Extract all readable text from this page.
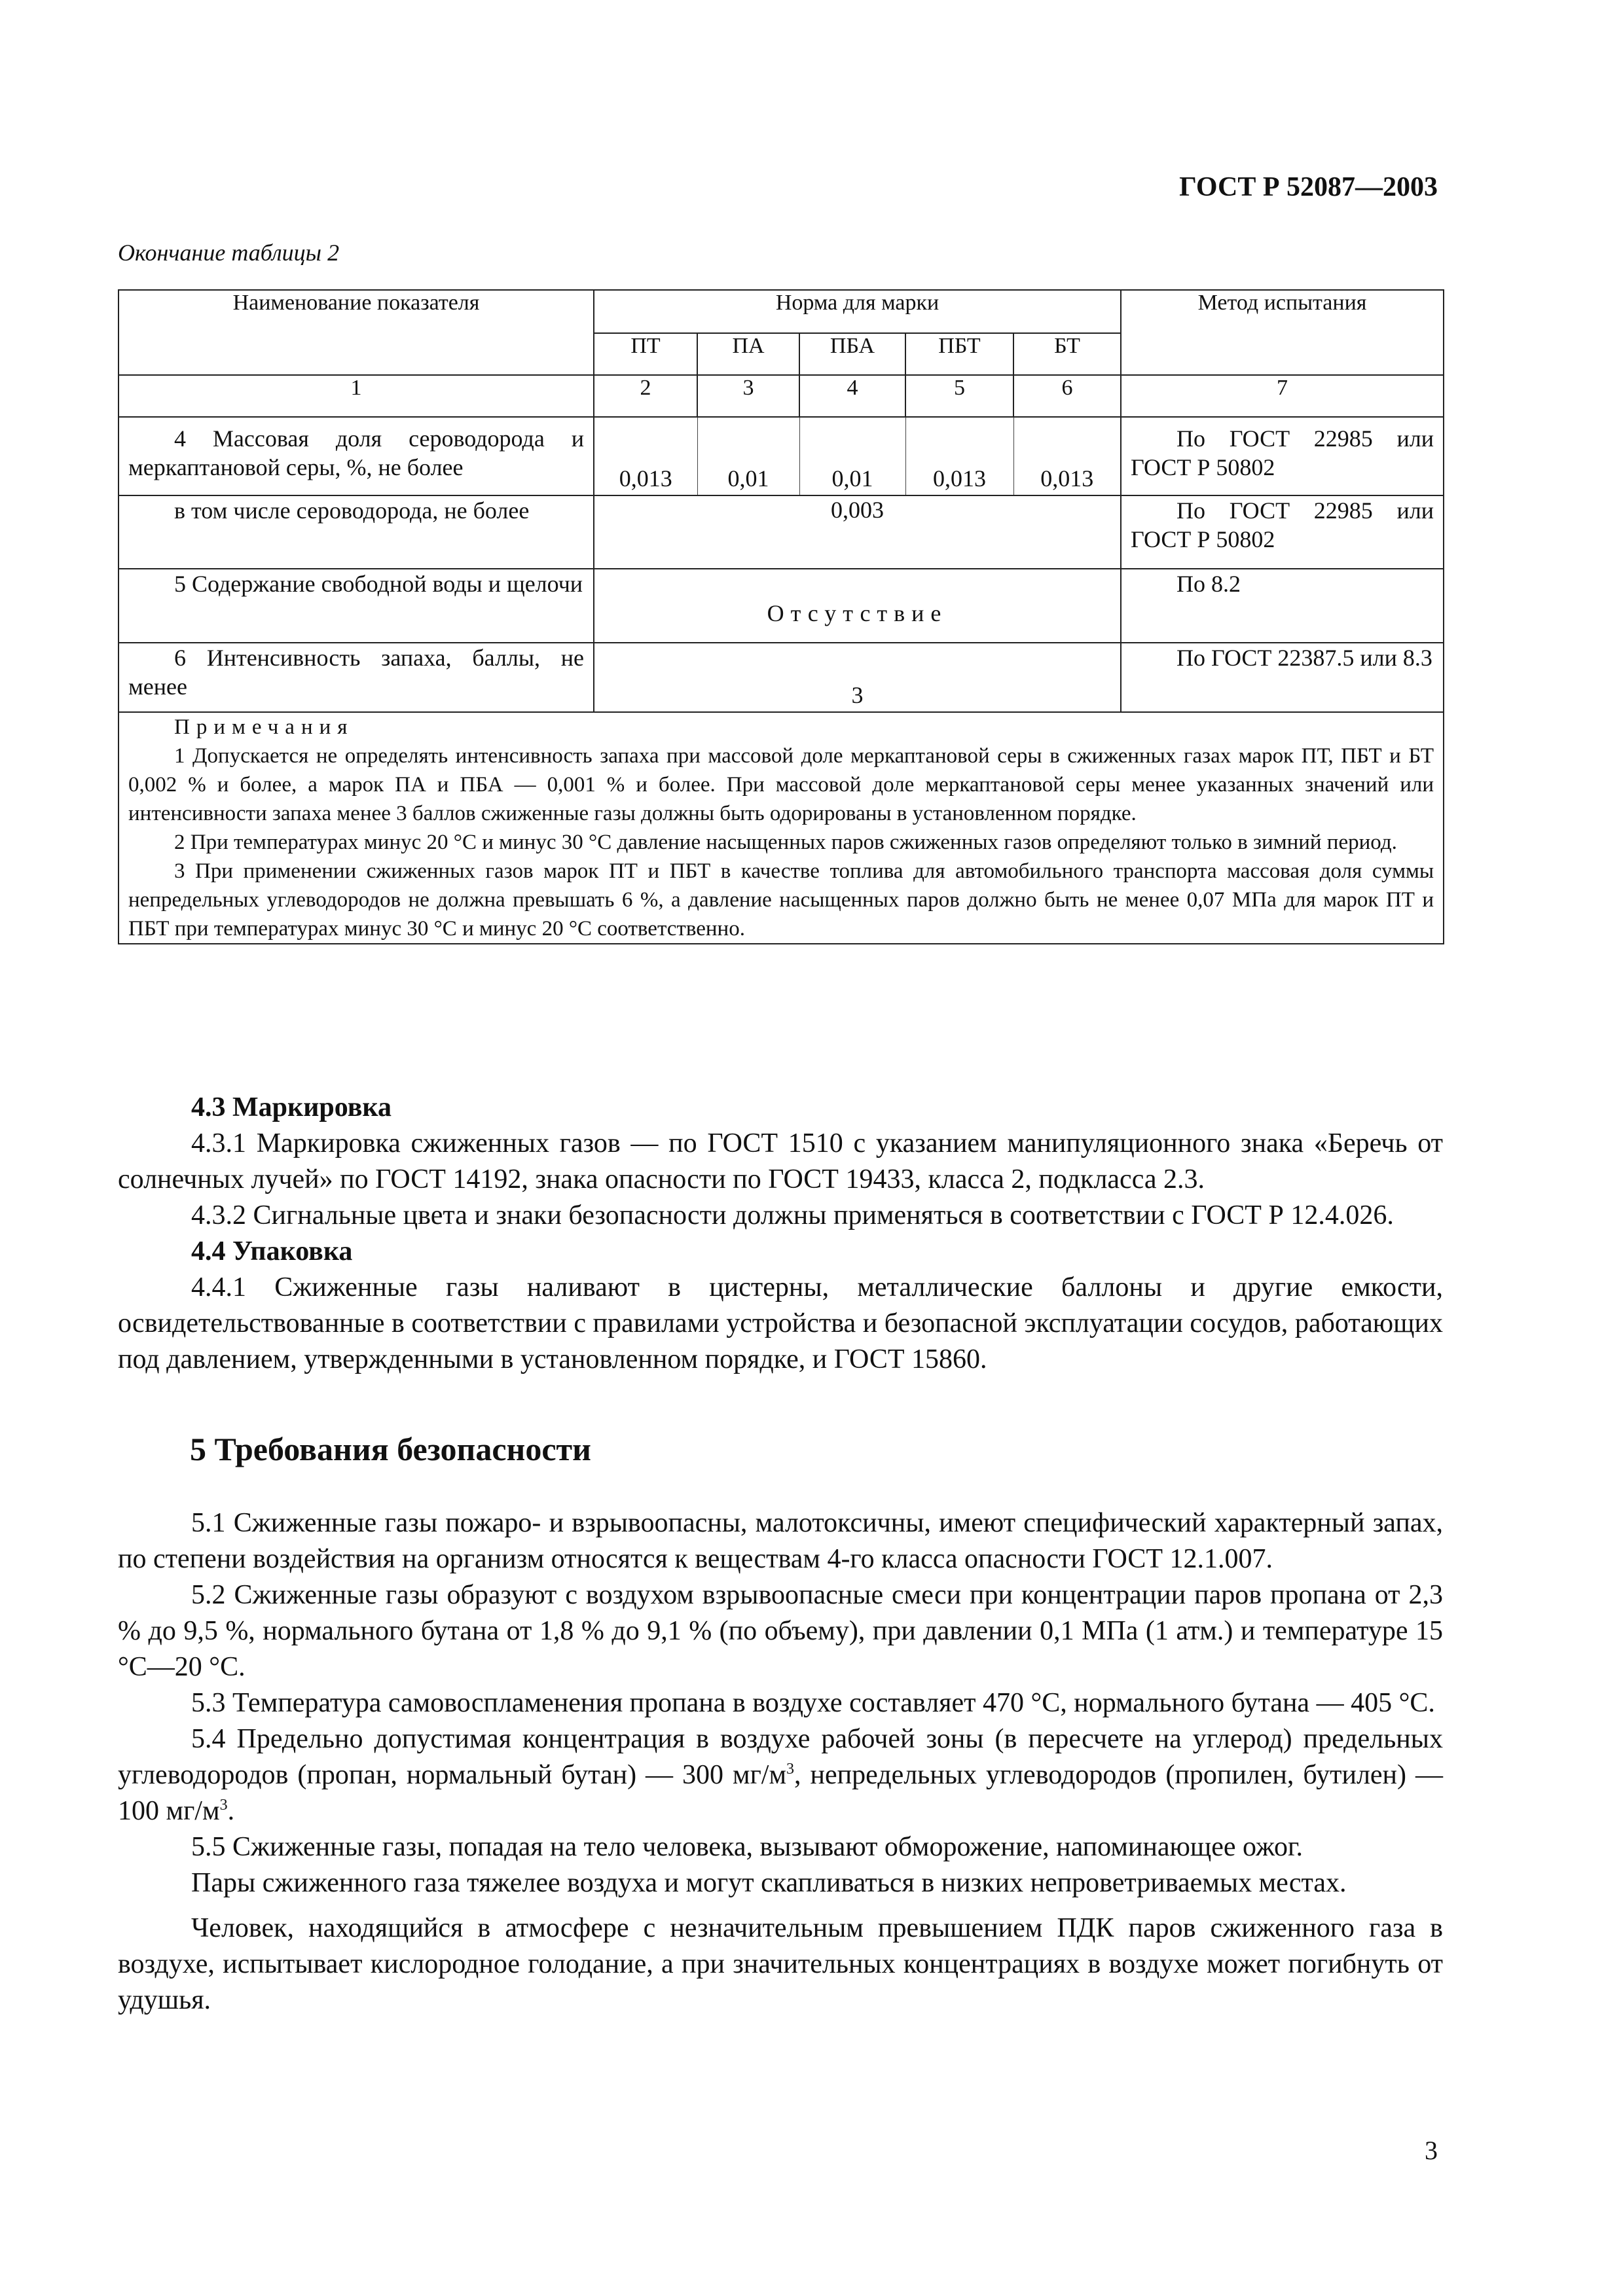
ГОСТ Р 52087—2003
Окончание таблицы 2
Наименование показателя	Норма для марки					Метод испытания
	ПТ	ПА	ПБА	ПБТ	БТ	
1	2	3	4	5	6	7
4 Массовая доля сероводорода и меркаптановой серы, %, не более	0,013	0,01	0,01	0,013	0,013	По ГОСТ 22985 или ГОСТ Р 50802
в том числе сероводорода, не более	0,003					По ГОСТ 22985 или ГОСТ Р 50802
5 Содержание свободной воды и щелочи	Отсутствие					По 8.2
6 Интенсивность запаха, баллы, не менее	3					По ГОСТ 22387.5 или 8.3

Примечания
1 Допускается не определять интенсивность запаха при массовой доле меркаптановой серы в сжиженных газах марок ПТ, ПБТ и БТ 0,002 % и более, а марок ПА и ПБА — 0,001 % и более. При массовой доле меркаптановой серы менее указанных значений или интенсивности запаха менее 3 баллов сжиженные газы должны быть одорированы в установленном порядке.
2 При температурах минус 20 °С и минус 30 °С давление насыщенных паров сжиженных газов определяют только в зимний период.
3 При применении сжиженных газов марок ПТ и ПБТ в качестве топлива для автомобильного транспорта массовая доля суммы непредельных углеводородов не должна превышать 6 %, а давление насыщенных паров должно быть не менее 0,07 МПа для марок ПТ и ПБТ при температурах минус 30 °С и минус 20 °С соответственно.						

4.3 Маркировка

4.3.1 Маркировка сжиженных газов — по ГОСТ 1510 с указанием манипуляционного знака «Беречь от солнечных лучей» по ГОСТ 14192, знака опасности по ГОСТ 19433, класса 2, подкласса 2.3.

4.3.2 Сигнальные цвета и знаки безопасности должны применяться в соответствии с ГОСТ Р 12.4.026.

4.4 Упаковка

4.4.1 Сжиженные газы наливают в цистерны, металлические баллоны и другие емкости, освидетельствованные в соответствии с правилами устройства и безопасной эксплуатации сосудов, работающих под давлением, утвержденными в установленном порядке, и ГОСТ 15860.

5 Требования безопасности

5.1 Сжиженные газы пожаро- и взрывоопасны, малотоксичны, имеют специфический характерный запах, по степени воздействия на организм относятся к веществам 4-го класса опасности ГОСТ 12.1.007.

5.2 Сжиженные газы образуют с воздухом взрывоопасные смеси при концентрации паров пропана от 2,3 % до 9,5 %, нормального бутана от 1,8 % до 9,1 % (по объему), при давлении 0,1 МПа (1 атм.) и температуре 15 °С—20 °С.

5.3 Температура самовоспламенения пропана в воздухе составляет 470 °С, нормального бутана — 405 °С.

5.4 Предельно допустимая концентрация в воздухе рабочей зоны (в пересчете на углерод) предельных углеводородов (пропан, нормальный бутан) — 300 $мг/м^3$, непредельных углеводородов (пропилен, бутилен) — 100 $мг/м^3$.

5.5 Сжиженные газы, попадая на тело человека, вызывают обморожение, напоминающее ожог.

Пары сжиженного газа тяжелее воздуха и могут скапливаться в низких непроветриваемых местах.

Человек, находящийся в атмосфере с незначительным превышением ПДК паров сжиженного газа в воздухе, испытывает кислородное голодание, а при значительных концентрациях в воздухе может погибнуть от удушья.

3
